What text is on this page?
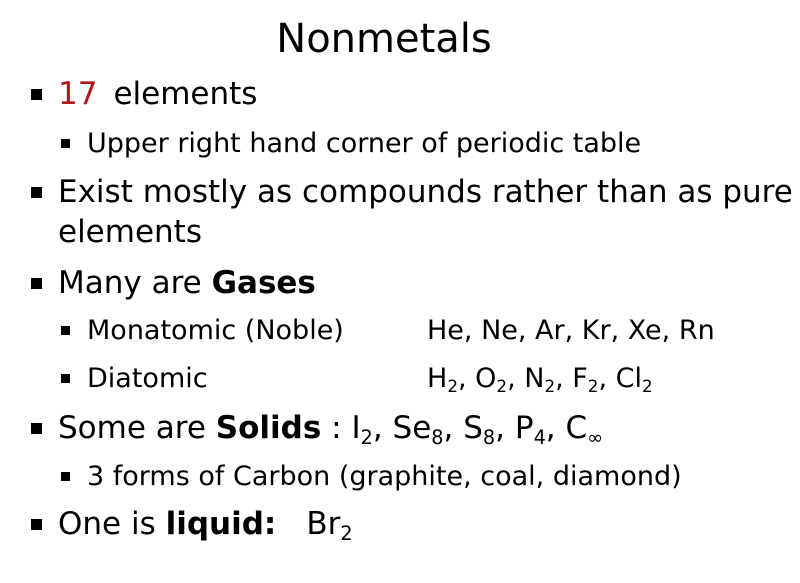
Nonmetals
17 elements
Upper right hand corner of periodic table
Exist mostly as compounds rather than as pure
elements
Many are Gases
Monatomic (Noble)	He, Ne, Ar, Kr, Xe, Rn
Diatomic	$H_2$, $O_2$, $N_2$, $F_2$, $Cl_2$
Some are Solids : $I_2$, $Se_8$, $S_8$, $P_4$, $C_\infty$
3 forms of Carbon (graphite, coal, diamond)
One is liquid: $Br_2$
